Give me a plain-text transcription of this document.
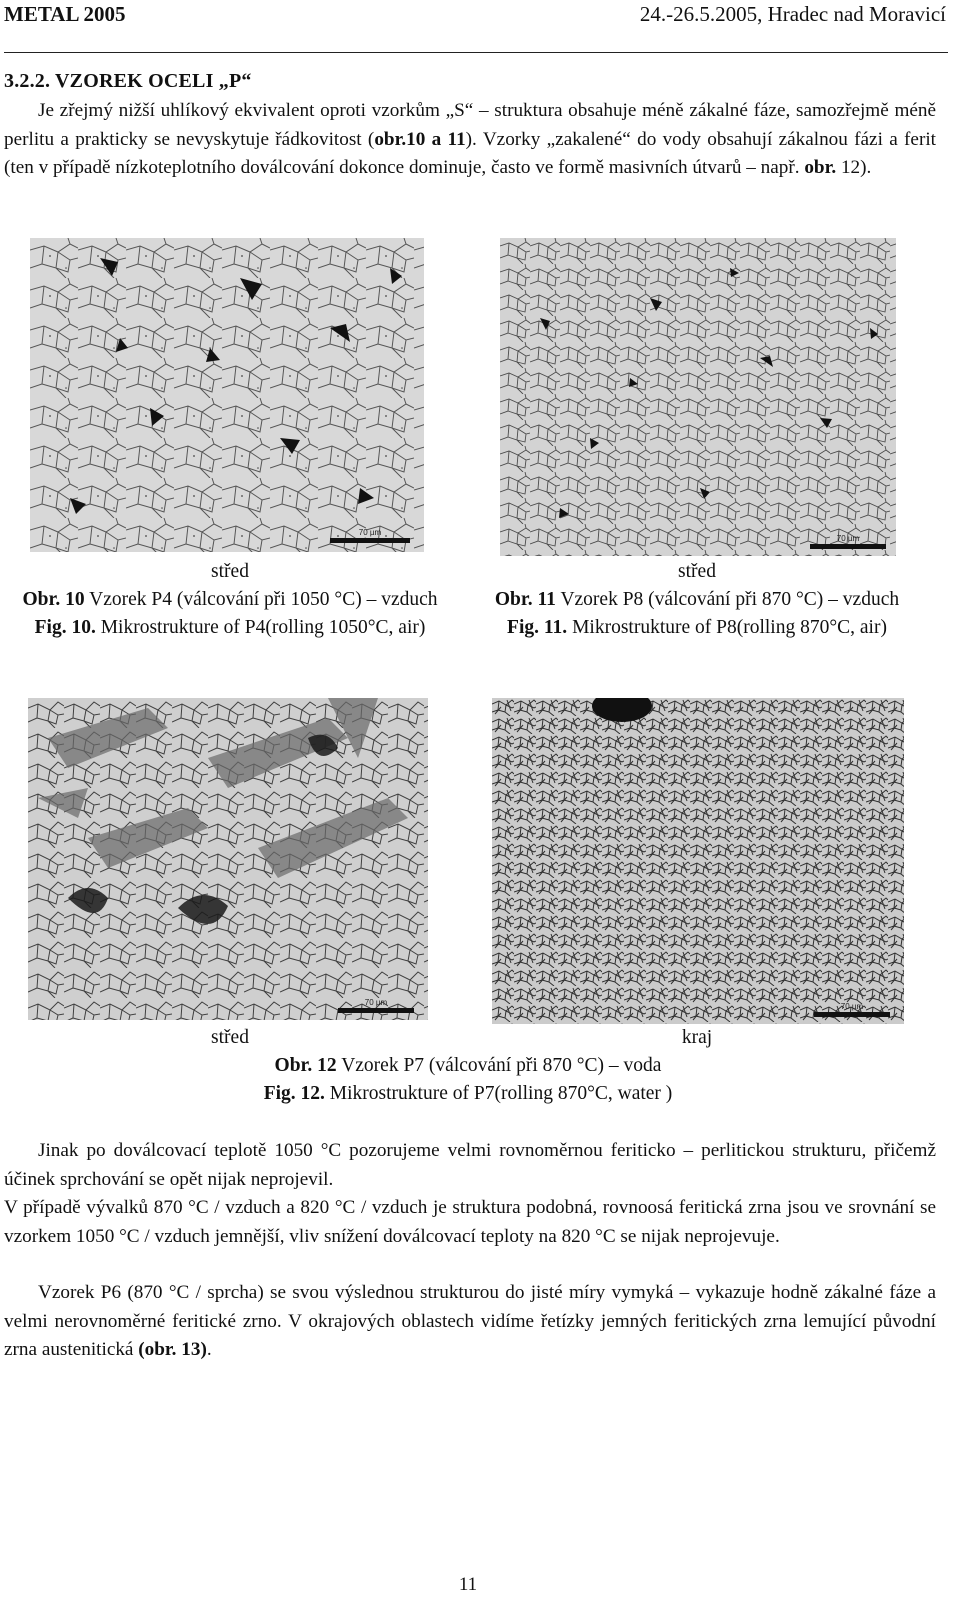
METAL 2005	24.-26.5.2005, Hradec nad Moravicí
3.2.2. VZOREK OCELI „P“
Je zřejmý nižší uhlíkový ekvivalent oproti vzorkům „S“ – struktura obsahuje méně zákalné fáze, samozřejmě méně perlitu a prakticky se nevyskytuje řádkovitost (obr.10 a 11). Vzorky „zakalené“ do vody obsahují zákalnou fázi a ferit (ten v případě nízkoteplotního doválcování dokonce dominuje, často ve formě masivních útvarů – např. obr. 12).
70 µm
70 µm
střed
Obr. 10 Vzorek P4 (válcování při 1050 °C) – vzduch
Fig. 10. Mikrostrukture of P4(rolling 1050°C, air)
střed
Obr. 11 Vzorek P8 (válcování při 870 °C) – vzduch
Fig. 11. Mikrostrukture of P8(rolling 870°C, air)
70 µm	70 µm
střed	kraj
Obr. 12 Vzorek P7 (válcování při 870 °C) – voda
Fig. 12. Mikrostrukture of P7(rolling 870°C, water )
Jinak po doválcovací teplotě 1050 °C pozorujeme velmi rovnoměrnou feriticko – perlitickou strukturu, přičemž účinek sprchování se opět nijak neprojevil.
V případě vývalků 870 °C / vzduch a 820 °C / vzduch je struktura podobná, rovnoosá feritická zrna jsou ve srovnání se vzorkem 1050 °C / vzduch jemnější, vliv snížení doválcovací teploty na 820 °C se nijak neprojevuje.
Vzorek P6 (870 °C / sprcha) se svou výslednou strukturou do jisté míry vymyká – vykazuje hodně zákalné fáze a velmi nerovnoměrné feritické zrno. V okrajových oblastech vidíme řetízky jemných feritických zrna lemující původní zrna austenitická (obr. 13).
11
